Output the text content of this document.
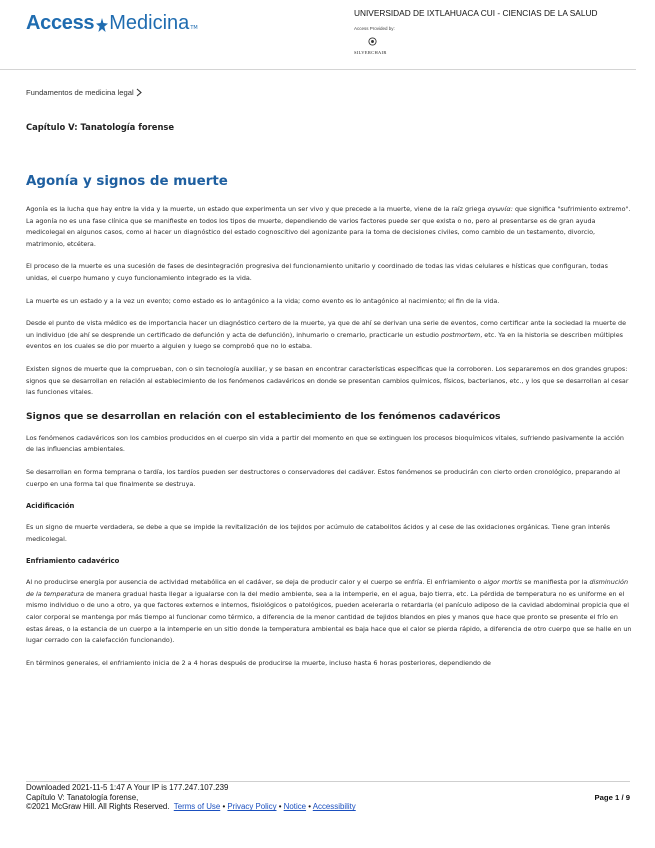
Access Medicina TM
UNIVERSIDAD DE IXTLAHUACA CUI - CIENCIAS DE LA SALUD
Access Provided by:
SILVERCHAIR
Fundamentos de medicina legal
Capítulo V: Tanatología forense
Agonía y signos de muerte

Agonía es la lucha que hay entre la vida y la muerte, un estado que experimenta un ser vivo y que precede a la muerte, viene de la raíz griega αγωνία: que significa "sufrimiento extremo". La agonía no es una fase clínica que se manifieste en todos los tipos de muerte, dependiendo de varios factores puede ser que exista o no, pero al presentarse es de gran ayuda medicolegal en algunos casos, como al hacer un diagnóstico del estado cognoscitivo del agonizante para la toma de decisiones civiles, como cambio de un testamento, divorcio, matrimonio, etcétera.

El proceso de la muerte es una sucesión de fases de desintegración progresiva del funcionamiento unitario y coordinado de todas las vidas celulares e hísticas que configuran, todas unidas, el cuerpo humano y cuyo funcionamiento integrado es la vida.

La muerte es un estado y a la vez un evento; como estado es lo antagónico a la vida; como evento es lo antagónico al nacimiento; el fin de la vida.

Desde el punto de vista médico es de importancia hacer un diagnóstico certero de la muerte, ya que de ahí se derivan una serie de eventos, como certificar ante la sociedad la muerte de un individuo (de ahí se desprende un certificado de defunción y acta de defunción), inhumarlo o cremarlo, practicarle un estudio postmortem, etc. Ya en la historia se describen múltiples eventos en los cuales se dio por muerto a alguien y luego se comprobó que no lo estaba.

Existen signos de muerte que la comprueban, con o sin tecnología auxiliar, y se basan en encontrar características específicas que la corroboren. Los separaremos en dos grandes grupos: signos que se desarrollan en relación al establecimiento de los fenómenos cadavéricos en donde se presentan cambios químicos, físicos, bacterianos, etc., y los que se desarrollan al cesar las funciones vitales.

Signos que se desarrollan en relación con el establecimiento de los fenómenos cadavéricos

Los fenómenos cadavéricos son los cambios producidos en el cuerpo sin vida a partir del momento en que se extinguen los procesos bioquímicos vitales, sufriendo pasivamente la acción de las influencias ambientales.

Se desarrollan en forma temprana o tardía, los tardíos pueden ser destructores o conservadores del cadáver. Estos fenómenos se producirán con cierto orden cronológico, preparando al cuerpo en una forma tal que finalmente se destruya.

Acidificación

Es un signo de muerte verdadera, se debe a que se impide la revitalización de los tejidos por acúmulo de catabolitos ácidos y al cese de las oxidaciones orgánicas. Tiene gran interés medicolegal.

Enfriamiento cadavérico

Al no producirse energía por ausencia de actividad metabólica en el cadáver, se deja de producir calor y el cuerpo se enfría. El enfriamiento o algor mortis se manifiesta por la disminución de la temperatura de manera gradual hasta llegar a igualarse con la del medio ambiente, sea a la intemperie, en el agua, bajo tierra, etc. La pérdida de temperatura no es uniforme en el mismo individuo o de uno a otro, ya que factores externos e internos, fisiológicos o patológicos, pueden acelerarla o retardarla (el panículo adiposo de la cavidad abdominal propicia que el calor corporal se mantenga por más tiempo al funcionar como térmico, a diferencia de la menor cantidad de tejidos blandos en pies y manos que hace que pronto se presente el frío en estas áreas, o la estancia de un cuerpo a la intemperie en un sitio donde la temperatura ambiental es baja hace que el calor se pierda rápido, a diferencia de otro cuerpo que se halle en un lugar cerrado con la calefacción funcionando).

En términos generales, el enfriamiento inicia de 2 a 4 horas después de producirse la muerte, incluso hasta 6 horas posteriores, dependiendo de

Downloaded 2021-11-5 1:47 A Your IP is 177.247.107.239
Capítulo V: Tanatología forense,
©2021 McGraw Hill. All Rights Reserved. Terms of Use • Privacy Policy • Notice • Accessibility
Page 1 / 9
